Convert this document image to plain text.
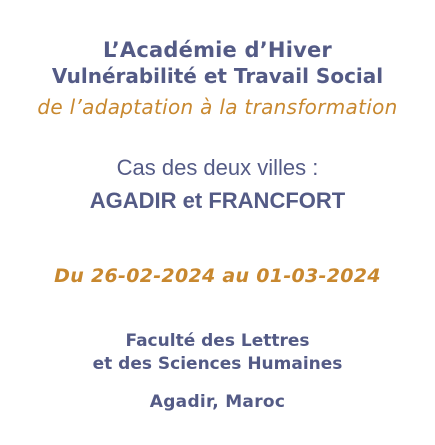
L’Académie d’Hiver
Vulnérabilité et Travail Social
de l’adaptation à la transformation
Cas des deux villes :
AGADIR et FRANCFORT
Du 26-02-2024 au 01-03-2024
Faculté des Lettres
et des Sciences Humaines
Agadir, Maroc
